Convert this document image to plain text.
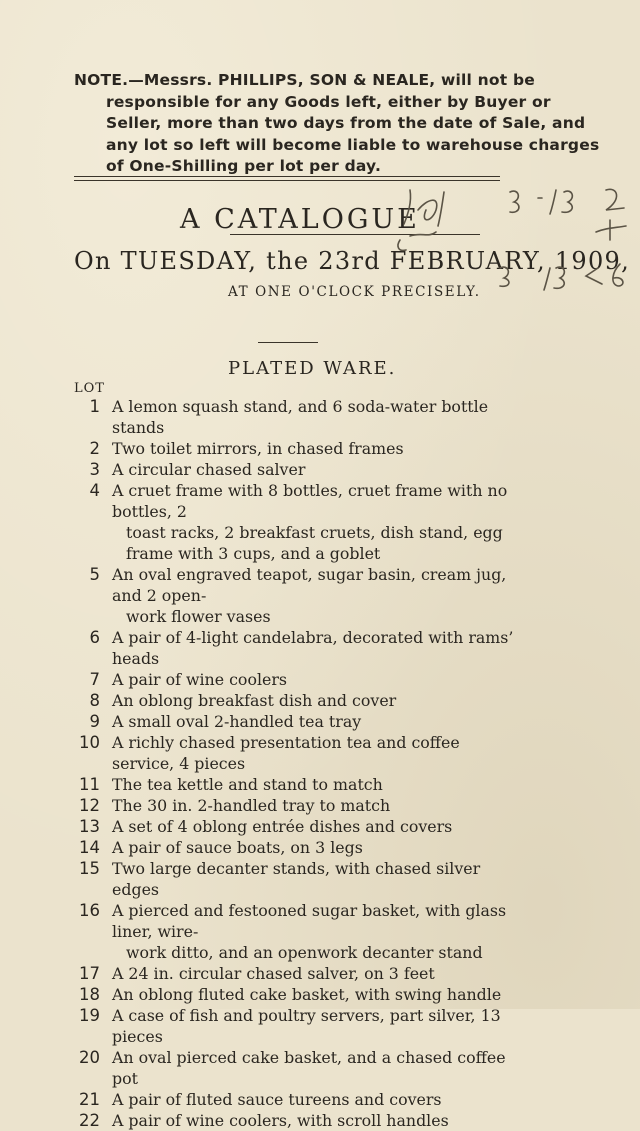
NOTE.—Messrs. PHILLIPS, SON & NEALE, will not be
responsible for any Goods left, either by Buyer or
Seller, more than two days from the date of Sale, and
any lot so left will become liable to warehouse charges
of One-Shilling per lot per day.
A CATALOGUE
On TUESDAY, the 23rd FEBRUARY, 1909,
AT ONE O'CLOCK PRECISELY.
PLATED WARE.
LOT
1 A lemon squash stand, and 6 soda-water bottle stands
2 Two toilet mirrors, in chased frames
3 A circular chased salver
4 A cruet frame with 8 bottles, cruet frame with no bottles, 2
toast racks, 2 breakfast cruets, dish stand, egg frame with 3 cups, and a goblet
5 An oval engraved teapot, sugar basin, cream jug, and 2 open-
work flower vases
6 A pair of 4-light candelabra, decorated with rams’ heads
7 A pair of wine coolers
8 An oblong breakfast dish and cover
9 A small oval 2-handled tea tray
10 A richly chased presentation tea and coffee service, 4 pieces
11 The tea kettle and stand to match
12 The 30 in. 2-handled tray to match
13 A set of 4 oblong entrée dishes and covers
14 A pair of sauce boats, on 3 legs
15 Two large decanter stands, with chased silver edges
16 A pierced and festooned sugar basket, with glass liner, wire-
work ditto, and an openwork decanter stand
17 A 24 in. circular chased salver, on 3 feet
18 An oblong fluted cake basket, with swing handle
19 A case of fish and poultry servers, part silver, 13 pieces
20 An oval pierced cake basket, and a chased coffee pot
21 A pair of fluted sauce tureens and covers
22 A pair of wine coolers, with scroll handles
